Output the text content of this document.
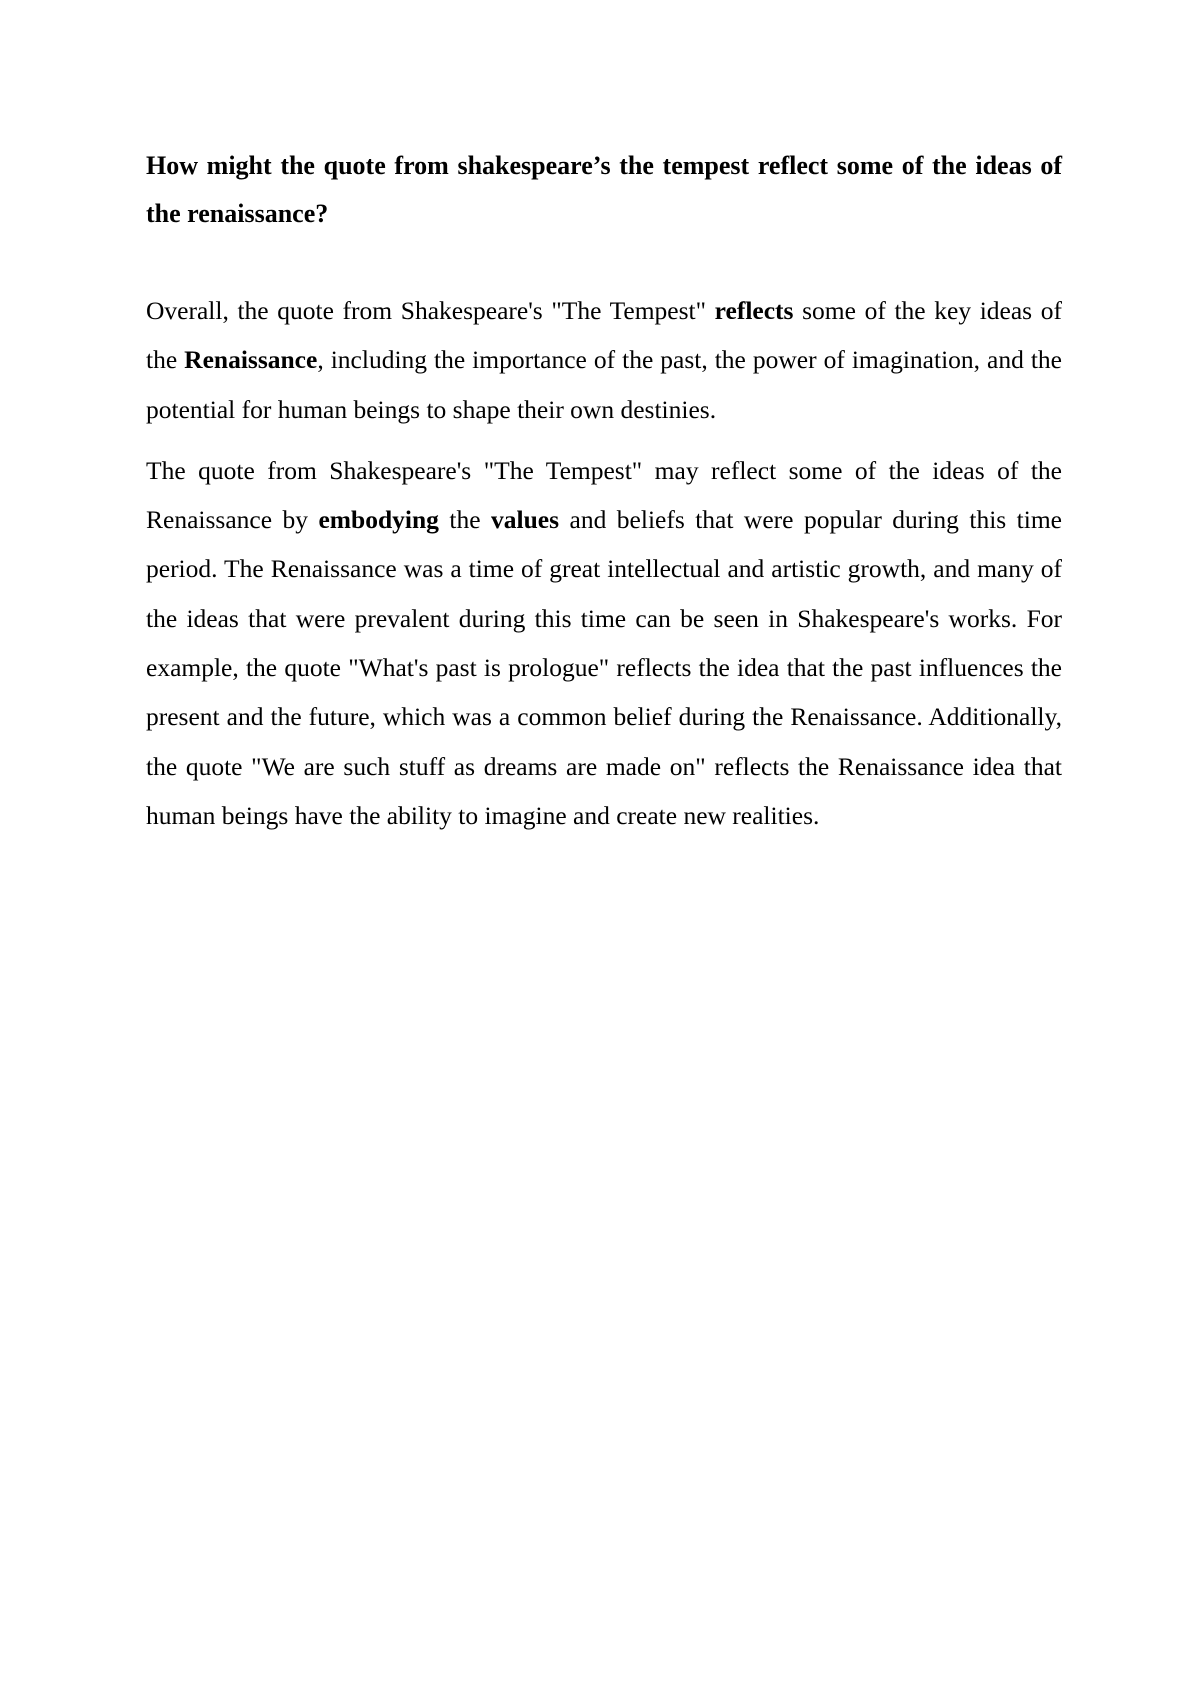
How might the quote from shakespeare’s the tempest reflect some of the ideas of the renaissance?

Overall, the quote from Shakespeare's "The Tempest" reflects some of the key ideas of the Renaissance, including the importance of the past, the power of imagination, and the potential for human beings to shape their own destinies.

The quote from Shakespeare's "The Tempest" may reflect some of the ideas of the Renaissance by embodying the values and beliefs that were popular during this time period. The Renaissance was a time of great intellectual and artistic growth, and many of the ideas that were prevalent during this time can be seen in Shakespeare's works. For example, the quote "What's past is prologue" reflects the idea that the past influences the present and the future, which was a common belief during the Renaissance. Additionally, the quote "We are such stuff as dreams are made on" reflects the Renaissance idea that human beings have the ability to imagine and create new realities.
